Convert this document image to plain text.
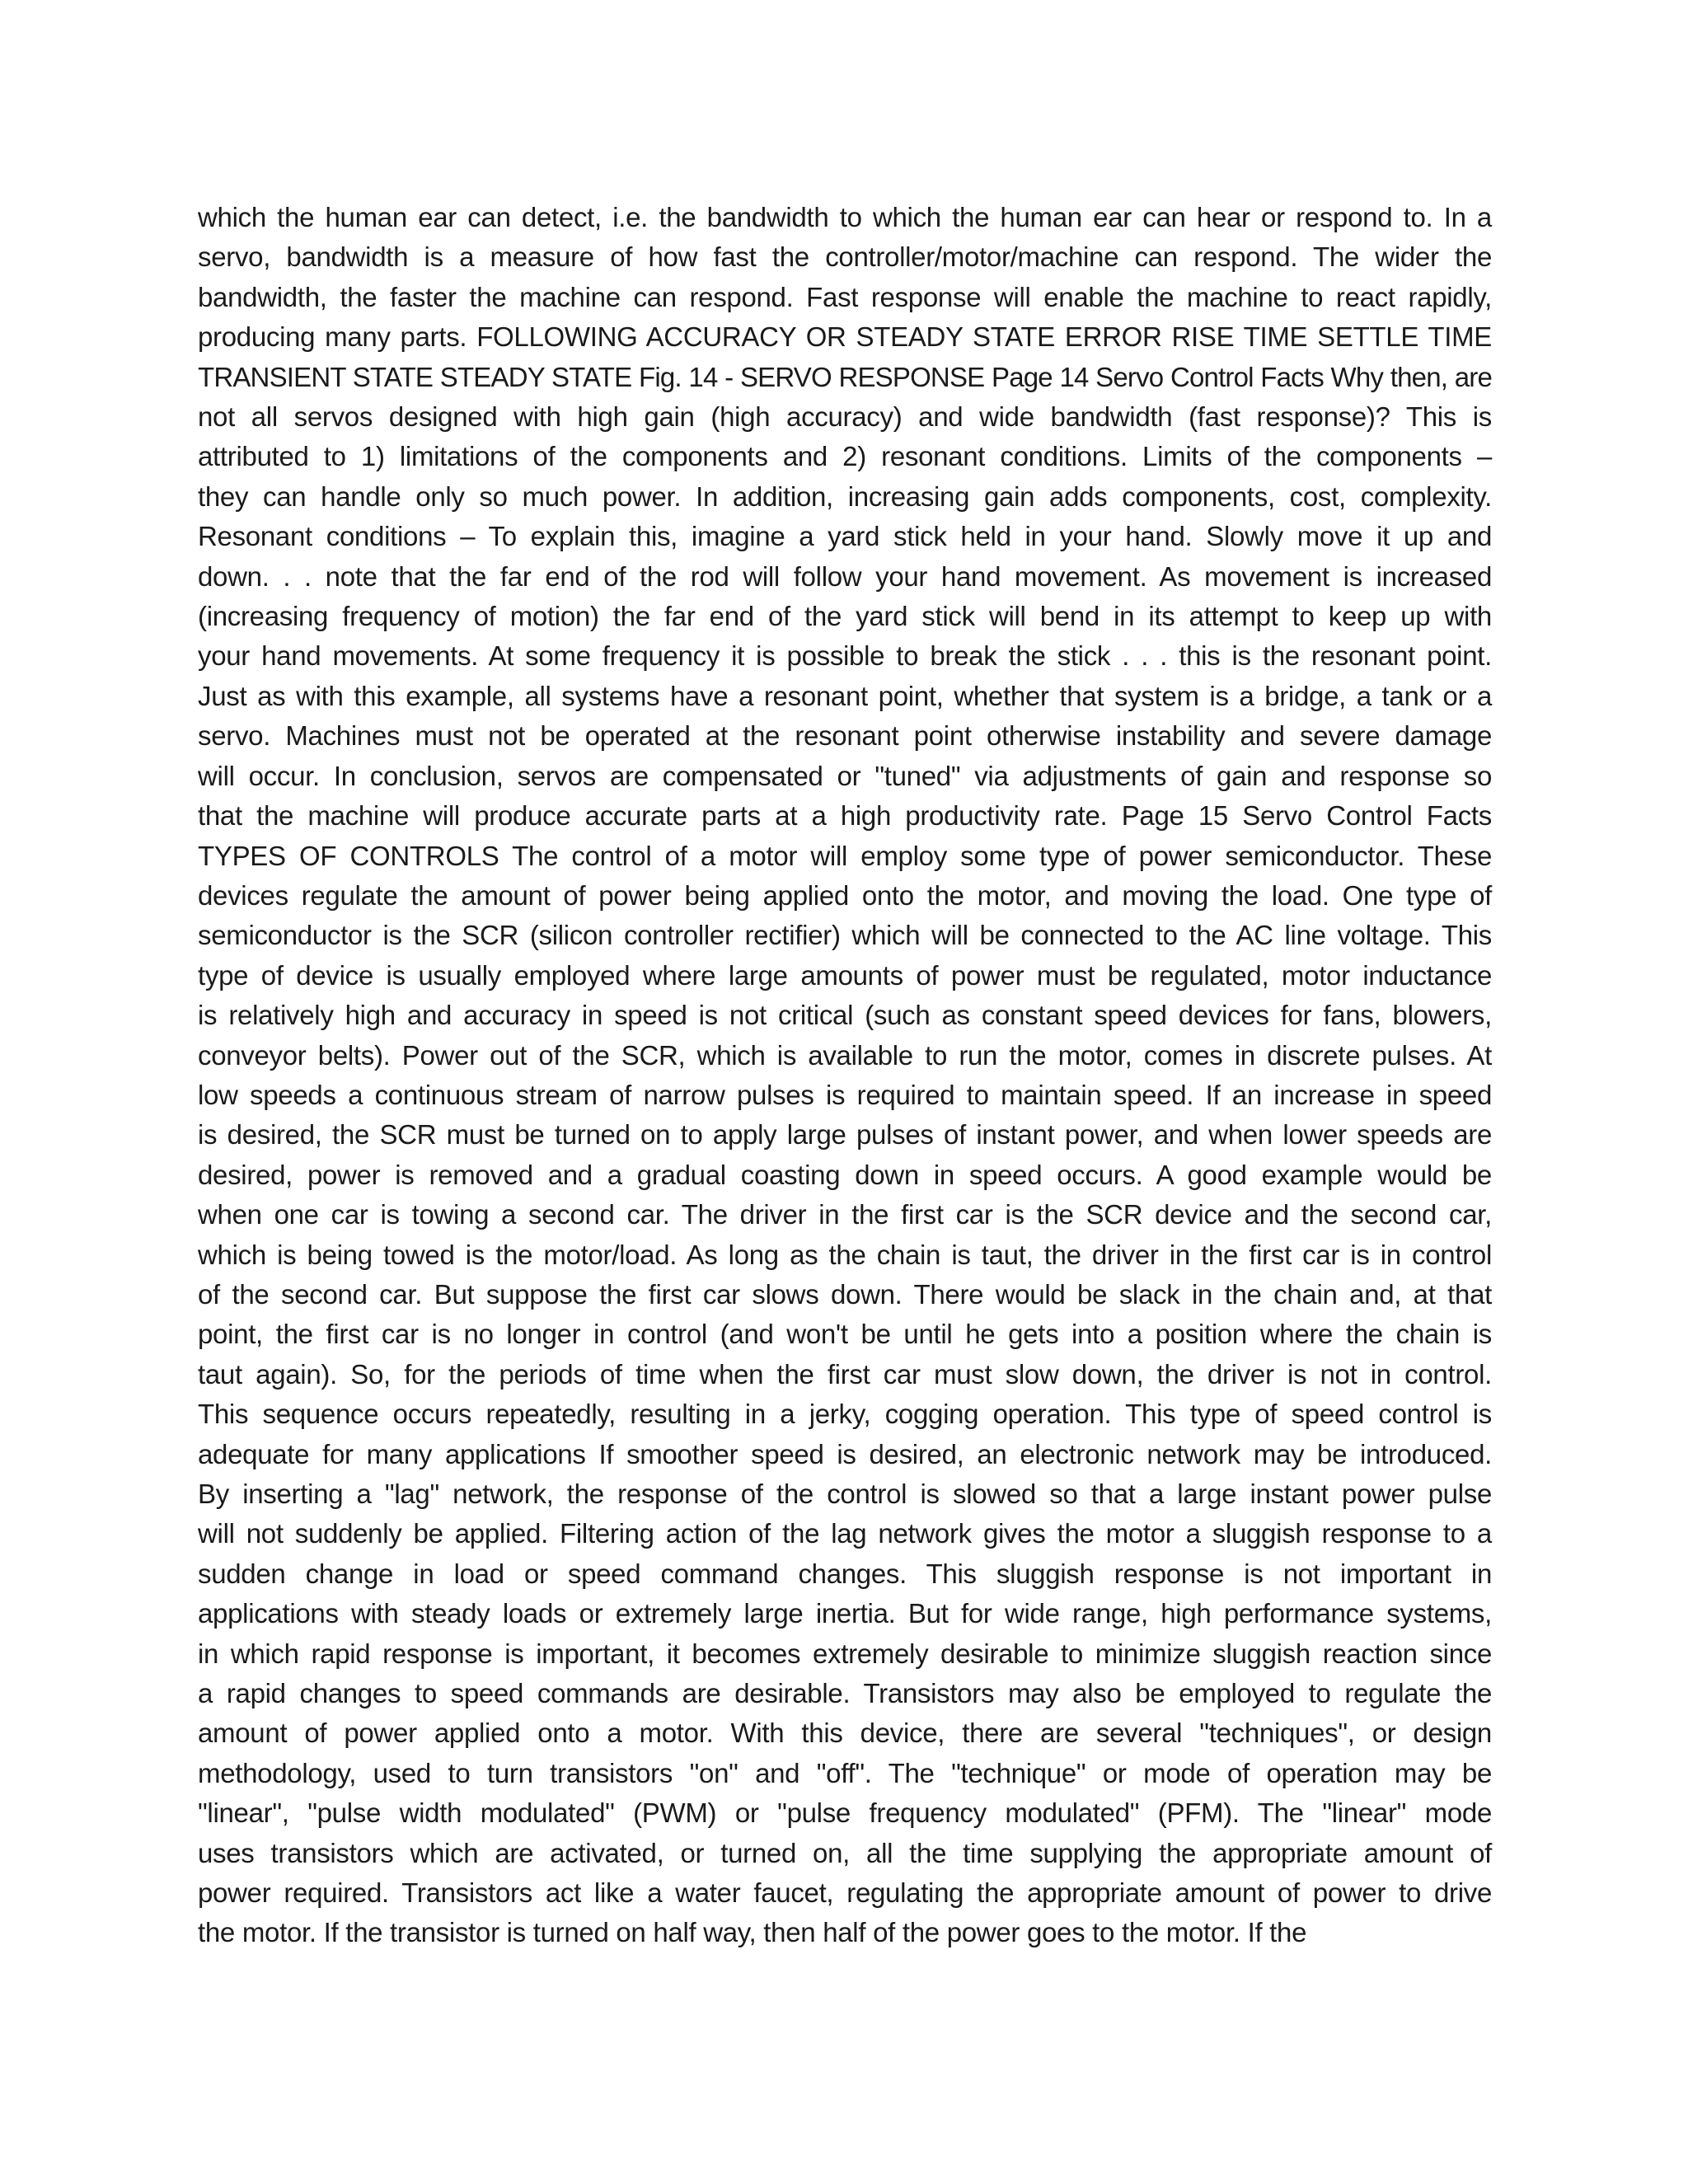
which the human ear can detect, i.e. the bandwidth to which the human ear can hear or respond to. In a
servo, bandwidth is a measure of how fast the controller/motor/machine can respond. The wider the
bandwidth, the faster the machine can respond. Fast response will enable the machine to react rapidly,
producing many parts. FOLLOWING ACCURACY OR STEADY STATE ERROR RISE TIME SETTLE TIME
TRANSIENT STATE STEADY STATE Fig. 14 - SERVO RESPONSE Page 14 Servo Control Facts Why then, are
not all servos designed with high gain (high accuracy) and wide bandwidth (fast response)? This is
attributed to 1) limitations of the components and 2) resonant conditions. Limits of the components –
they can handle only so much power. In addition, increasing gain adds components, cost, complexity.
Resonant conditions – To explain this, imagine a yard stick held in your hand. Slowly move it up and
down. . . note that the far end of the rod will follow your hand movement. As movement is increased
(increasing frequency of motion) the far end of the yard stick will bend in its attempt to keep up with
your hand movements. At some frequency it is possible to break the stick . . . this is the resonant point.
Just as with this example, all systems have a resonant point, whether that system is a bridge, a tank or a
servo. Machines must not be operated at the resonant point otherwise instability and severe damage
will occur. In conclusion, servos are compensated or "tuned" via adjustments of gain and response so
that the machine will produce accurate parts at a high productivity rate. Page 15 Servo Control Facts
TYPES OF CONTROLS The control of a motor will employ some type of power semiconductor. These
devices regulate the amount of power being applied onto the motor, and moving the load. One type of
semiconductor is the SCR (silicon controller rectifier) which will be connected to the AC line voltage. This
type of device is usually employed where large amounts of power must be regulated, motor inductance
is relatively high and accuracy in speed is not critical (such as constant speed devices for fans, blowers,
conveyor belts). Power out of the SCR, which is available to run the motor, comes in discrete pulses. At
low speeds a continuous stream of narrow pulses is required to maintain speed. If an increase in speed
is desired, the SCR must be turned on to apply large pulses of instant power, and when lower speeds are
desired, power is removed and a gradual coasting down in speed occurs. A good example would be
when one car is towing a second car. The driver in the first car is the SCR device and the second car,
which is being towed is the motor/load. As long as the chain is taut, the driver in the first car is in control
of the second car. But suppose the first car slows down. There would be slack in the chain and, at that
point, the first car is no longer in control (and won't be until he gets into a position where the chain is
taut again). So, for the periods of time when the first car must slow down, the driver is not in control.
This sequence occurs repeatedly, resulting in a jerky, cogging operation. This type of speed control is
adequate for many applications If smoother speed is desired, an electronic network may be introduced.
By inserting a "lag" network, the response of the control is slowed so that a large instant power pulse
will not suddenly be applied. Filtering action of the lag network gives the motor a sluggish response to a
sudden change in load or speed command changes. This sluggish response is not important in
applications with steady loads or extremely large inertia. But for wide range, high performance systems,
in which rapid response is important, it becomes extremely desirable to minimize sluggish reaction since
a rapid changes to speed commands are desirable. Transistors may also be employed to regulate the
amount of power applied onto a motor. With this device, there are several "techniques", or design
methodology, used to turn transistors "on" and "off". The "technique" or mode of operation may be
"linear", "pulse width modulated" (PWM) or "pulse frequency modulated" (PFM). The "linear" mode
uses transistors which are activated, or turned on, all the time supplying the appropriate amount of
power required. Transistors act like a water faucet, regulating the appropriate amount of power to drive
the motor. If the transistor is turned on half way, then half of the power goes to the motor. If the
